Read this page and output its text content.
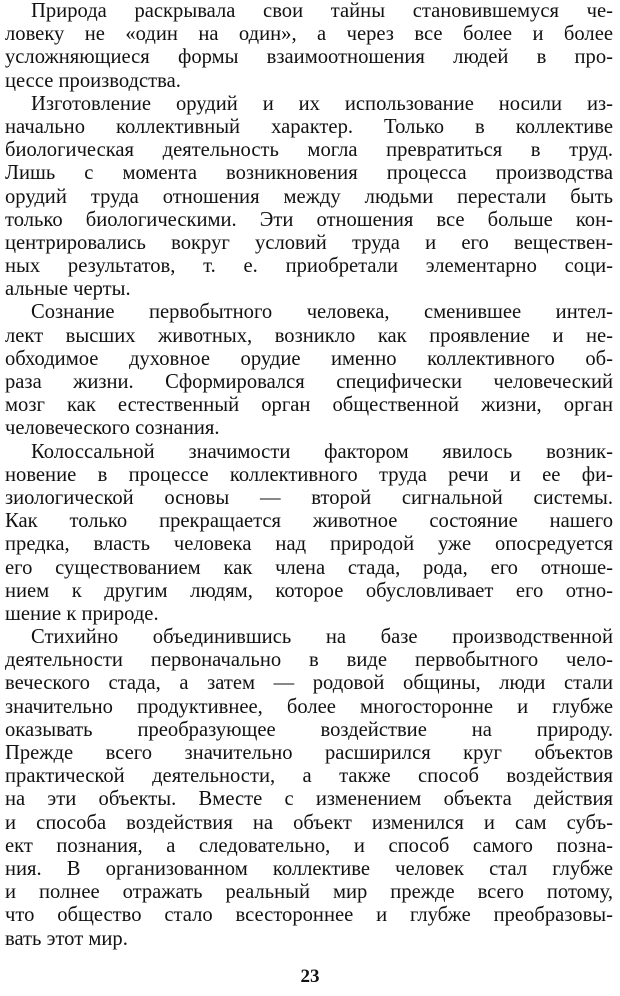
Природа раскрывала свои тайны становившемуся че-
ловеку не «один на один», а через все более и более
усложняющиеся формы взаимоотношения людей в про-
цессе производства.
Изготовление орудий и их использование носили из-
начально коллективный характер. Только в коллективе
биологическая деятельность могла превратиться в труд.
Лишь с момента возникновения процесса производства
орудий труда отношения между людьми перестали быть
только биологическими. Эти отношения все больше кон-
центрировались вокруг условий труда и его веществен-
ных результатов, т. е. приобретали элементарно соци-
альные черты.
Сознание первобытного человека, сменившее интел-
лект высших животных, возникло как проявление и не-
обходимое духовное орудие именно коллективного об-
раза жизни. Сформировался специфически человеческий
мозг как естественный орган общественной жизни, орган
человеческого сознания.
Колоссальной значимости фактором явилось возник-
новение в процессе коллективного труда речи и ее фи-
зиологической основы — второй сигнальной системы.
Как только прекращается животное состояние нашего
предка, власть человека над природой уже опосредуется
его существованием как члена стада, рода, его отноше-
нием к другим людям, которое обусловливает его отно-
шение к природе.
Стихийно объединившись на базе производственной
деятельности первоначально в виде первобытного чело-
веческого стада, а затем — родовой общины, люди стали
значительно продуктивнее, более многосторонне и глубже
оказывать преобразующее воздействие на природу.
Прежде всего значительно расширился круг объектов
практической деятельности, а также способ воздействия
на эти объекты. Вместе с изменением объекта действия
и способа воздействия на объект изменился и сам субъ-
ект познания, а следовательно, и способ самого позна-
ния. В организованном коллективе человек стал глубже
и полнее отражать реальный мир прежде всего потому,
что общество стало всестороннее и глубже преобразовы-
вать этот мир.
23
